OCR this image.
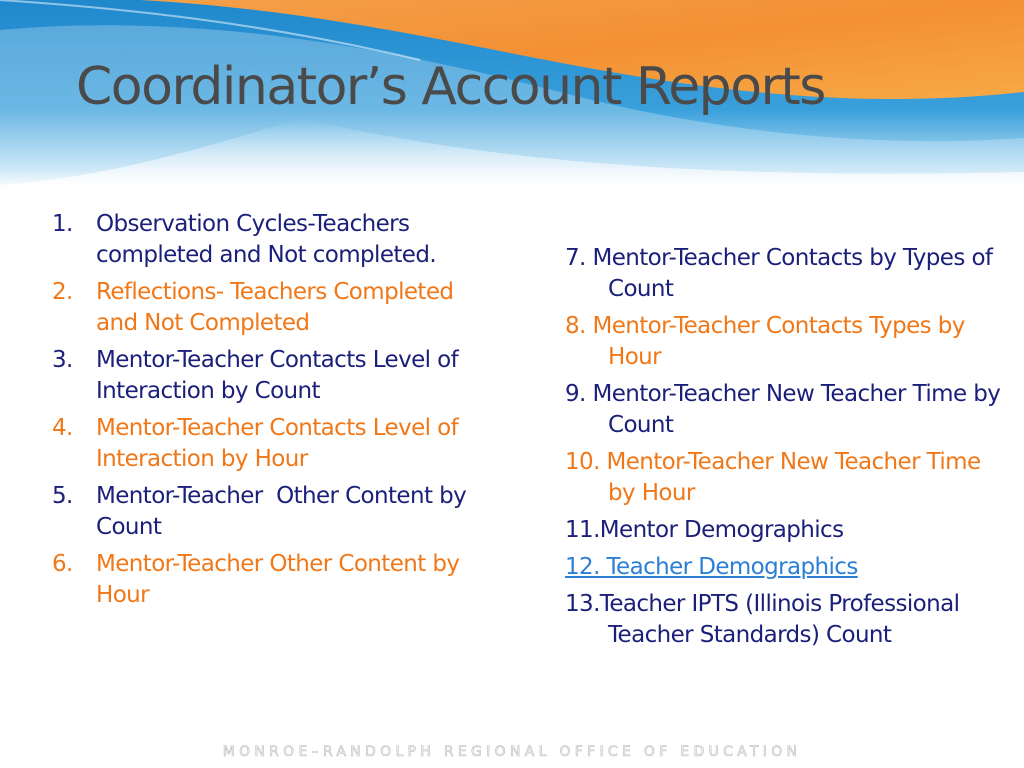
Coordinator’s Account Reports
1.	Observation Cycles-Teachers completed and Not completed.
2.	Reflections- Teachers Completed and Not Completed
3.	Mentor-Teacher Contacts Level of Interaction by Count
4.	Mentor-Teacher Contacts Level of Interaction by Hour
5.	Mentor-Teacher  Other Content by Count
6.	Mentor-Teacher Other Content by Hour
7. Mentor-Teacher Contacts by Types of Count
8. Mentor-Teacher Contacts Types by Hour
9. Mentor-Teacher New Teacher Time by Count
10. Mentor-Teacher New Teacher Time by Hour
11.Mentor Demographics
12. Teacher Demographics
13.Teacher IPTS (Illinois Professional Teacher Standards) Count
MONROE–RANDOLPH REGIONAL OFFICE OF EDUCATION
